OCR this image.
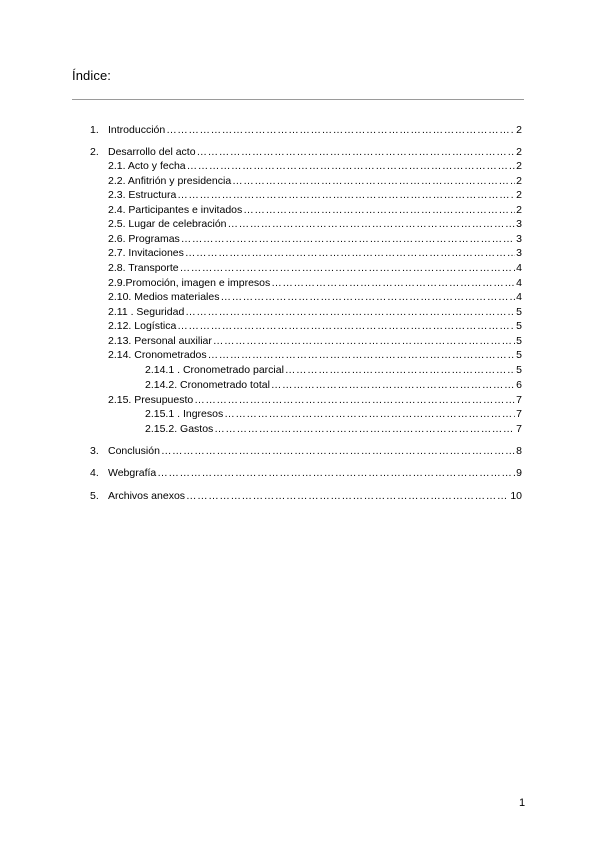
Índice:
1. Introducción ……………………………………………………………………………………………………………………………………………………………………………………………………	2
2. Desarrollo del acto ……………………………………………………………………………………………………………………………………………………………………………………………………	2
2.1. Acto y fecha ……………………………………………………………………………………………………………………………………………………………………………………………………	2
2.2. Anfitrión y presidencia ……………………………………………………………………………………………………………………………………………………………………………………………………	2
2.3. Estructura ……………………………………………………………………………………………………………………………………………………………………………………………………	2
2.4. Participantes e invitados ……………………………………………………………………………………………………………………………………………………………………………………………………	2
2.5. Lugar de celebración ……………………………………………………………………………………………………………………………………………………………………………………………………	3
2.6. Programas ……………………………………………………………………………………………………………………………………………………………………………………………………	3
2.7. Invitaciones ……………………………………………………………………………………………………………………………………………………………………………………………………	3
2.8. Transporte ……………………………………………………………………………………………………………………………………………………………………………………………………	4
2.9.Promoción, imagen e impresos ……………………………………………………………………………………………………………………………………………………………………………………………………	4
2.10. Medios materiales ……………………………………………………………………………………………………………………………………………………………………………………………………	4
2.11 . Seguridad ……………………………………………………………………………………………………………………………………………………………………………………………………	5
2.12. Logística ……………………………………………………………………………………………………………………………………………………………………………………………………	5
2.13. Personal auxiliar ……………………………………………………………………………………………………………………………………………………………………………………………………	5
2.14. Cronometrados ……………………………………………………………………………………………………………………………………………………………………………………………………	5
2.14.1 . Cronometrado parcial ……………………………………………………………………………………………………………………………………………………………………………………………………	5
2.14.2. Cronometrado total ……………………………………………………………………………………………………………………………………………………………………………………………………	6
2.15. Presupuesto ……………………………………………………………………………………………………………………………………………………………………………………………………	7
2.15.1 . Ingresos ……………………………………………………………………………………………………………………………………………………………………………………………………	7
2.15.2. Gastos ……………………………………………………………………………………………………………………………………………………………………………………………………	7
3. Conclusión ……………………………………………………………………………………………………………………………………………………………………………………………………	8
4. Webgrafía ……………………………………………………………………………………………………………………………………………………………………………………………………	9
5. Archivos anexos ……………………………………………………………………………………………………………………………………………………………………………………………………	10
1
